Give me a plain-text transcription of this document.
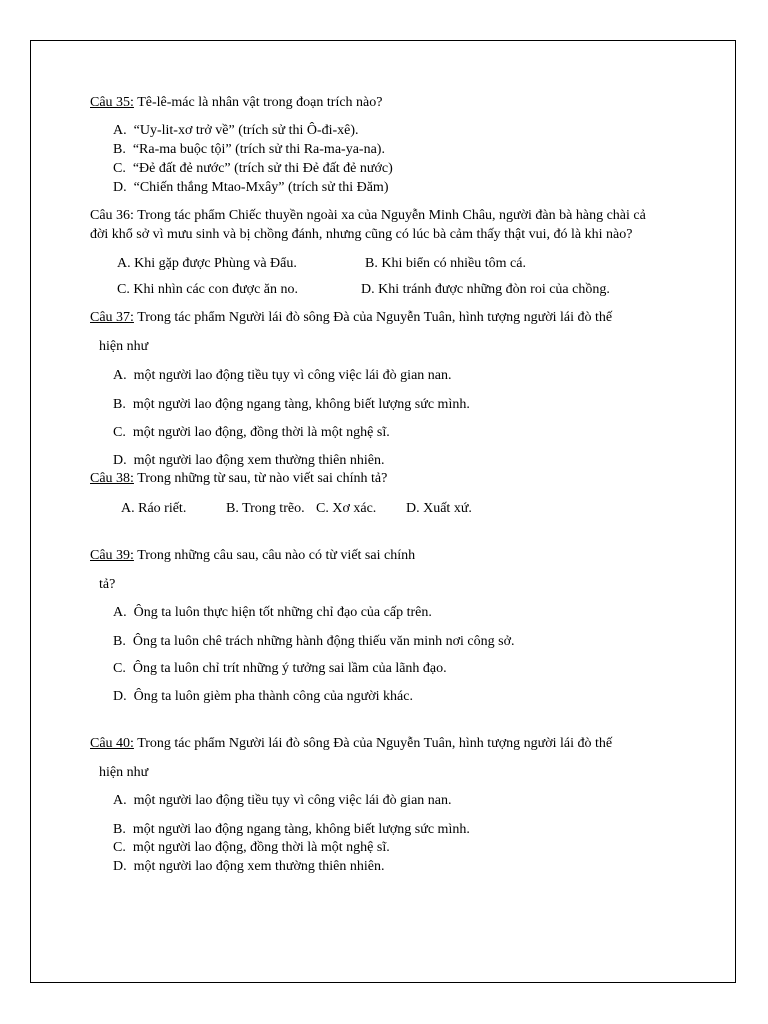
Câu 35: Tê-lê-mác là nhân vật trong đoạn trích nào?
A. “Uy-lit-xơ trở về” (trích sử thi Ô-đi-xê).
B. “Ra-ma buộc tội” (trích sử thi Ra-ma-ya-na).
C. “Đẻ đất đẻ nước” (trích sử thi Đẻ đất đẻ nước)
D. “Chiến thắng Mtao-Mxây” (trích sử thi Đăm)
Câu 36: Trong tác phẩm Chiếc thuyền ngoài xa của Nguyễn Minh Châu, người đàn bà hàng chài cả
đời khổ sở vì mưu sinh và bị chồng đánh, nhưng cũng có lúc bà cảm thấy thật vui, đó là khi nào?
A. Khi gặp được Phùng và Đẩu.	B. Khi biển có nhiều tôm cá.
C. Khi nhìn các con được ăn no.	D. Khi tránh được những đòn roi của chồng.
Câu 37: Trong tác phẩm Người lái đò sông Đà của Nguyễn Tuân, hình tượng người lái đò thế
hiện như
A. một người lao động tiều tụy vì công việc lái đò gian nan.
B. một người lao động ngang tàng, không biết lượng sức mình.
C. một người lao động, đồng thời là một nghệ sĩ.
D. một người lao động xem thường thiên nhiên.
Câu 38: Trong những từ sau, từ nào viết sai chính tả?
A. Ráo riết.	B. Trong trẽo. C. Xơ xác. D. Xuất xứ.
Câu 39: Trong những câu sau, câu nào có từ viết sai chính
tả?
A. Ông ta luôn thực hiện tốt những chỉ đạo của cấp trên.
B. Ông ta luôn chê trách những hành động thiếu văn minh nơi công sở.
C. Ông ta luôn chỉ trít những ý tưởng sai lầm của lãnh đạo.
D. Ông ta luôn gièm pha thành công của người khác.
Câu 40: Trong tác phẩm Người lái đò sông Đà của Nguyễn Tuân, hình tượng người lái đò thế
hiện như
A. một người lao động tiều tụy vì công việc lái đò gian nan.
B. một người lao động ngang tàng, không biết lượng sức mình.
C. một người lao động, đồng thời là một nghệ sĩ.
D. một người lao động xem thường thiên nhiên.
